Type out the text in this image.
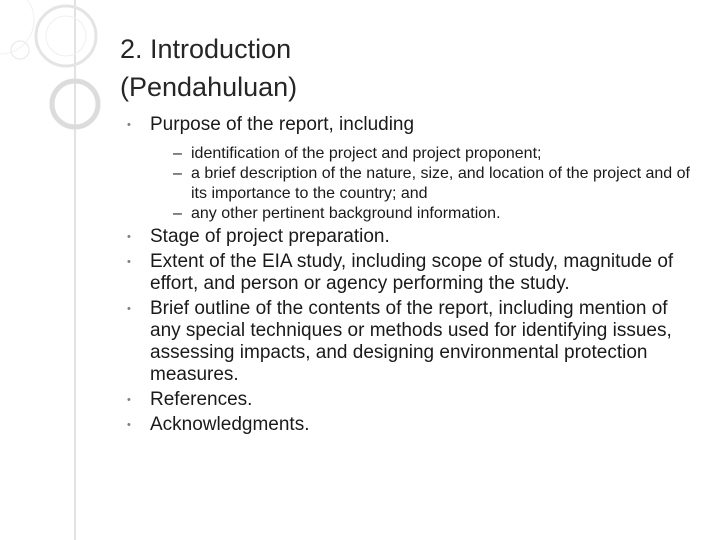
2. Introduction
(Pendahuluan)
• Purpose of the report, including
– identification of the project and project proponent;
– a brief description of the nature, size, and location of the project and of its importance to the country; and
– any other pertinent background information.
• Stage of project preparation.
• Extent of the EIA study, including scope of study, magnitude of effort, and person or agency performing the study.
• Brief outline of the contents of the report, including mention of any special techniques or methods used for identifying issues, assessing impacts, and designing environmental protection measures.
• References.
• Acknowledgments.
